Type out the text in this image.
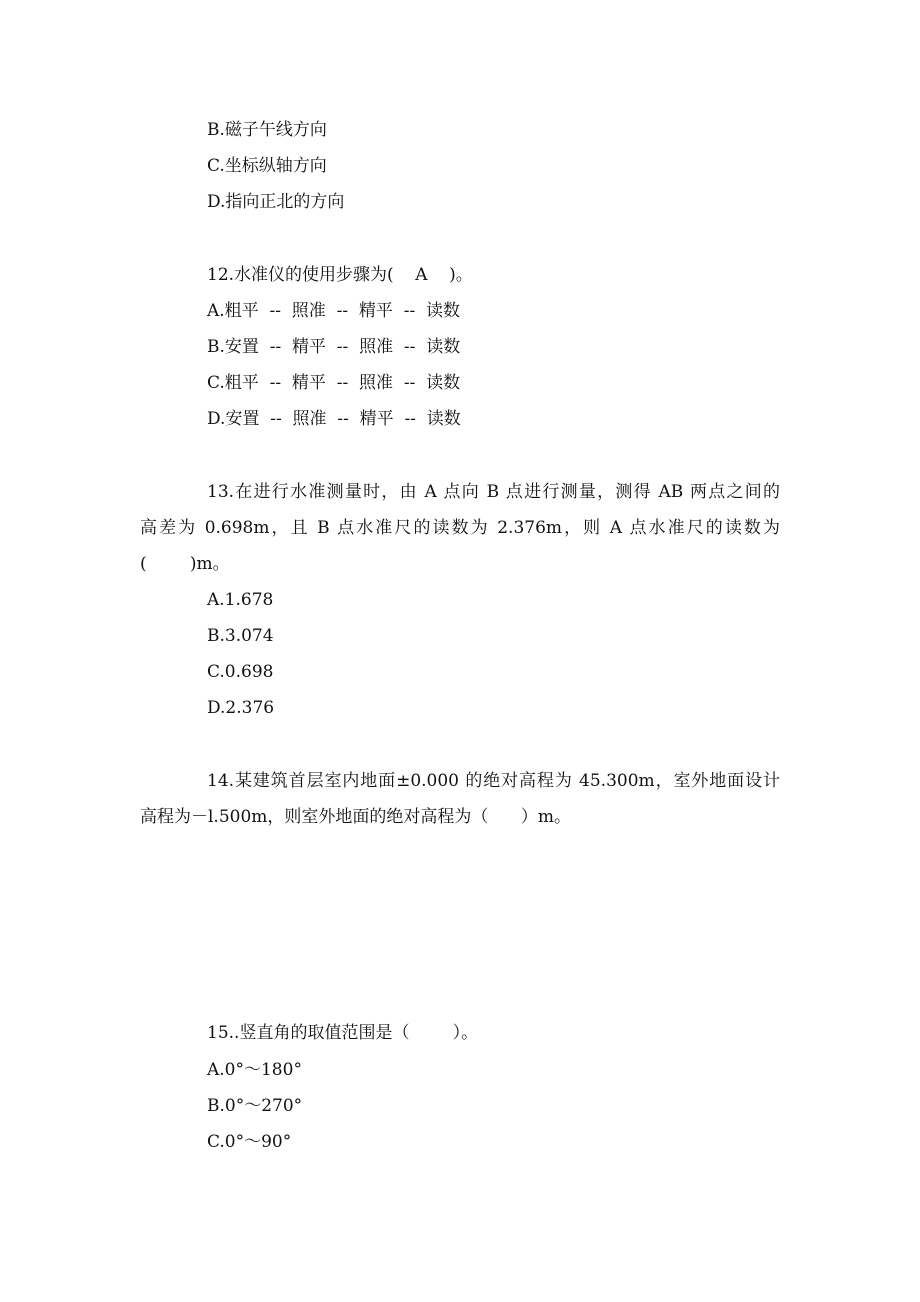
B.磁子午线方向
C.坐标纵轴方向
D.指向正北的方向
12.水准仪的使用步骤为(    A    )。
A.粗平  --  照准  --  精平  --  读数
B.安置  --  精平  --  照准  --  读数
C.粗平  --  精平  --  照准  --  读数
D.安置  --  照准  --  精平  --  读数
13.在进行水准测量时，由 A 点向 B 点进行测量，测得 AB 两点之间的
高差为 0.698m，且 B 点水准尺的读数为 2.376m，则 A 点水准尺的读数为
(        )m。
A.1.678
B.3.074
C.0.698
D.2.376
14.某建筑首层室内地面±0.000 的绝对高程为 45.300m，室外地面设计
高程为－l.500m，则室外地面的绝对高程为（      ）m。
15..竖直角的取值范围是（        ）。
A.0°～180°
B.0°～270°
C.0°～90°
